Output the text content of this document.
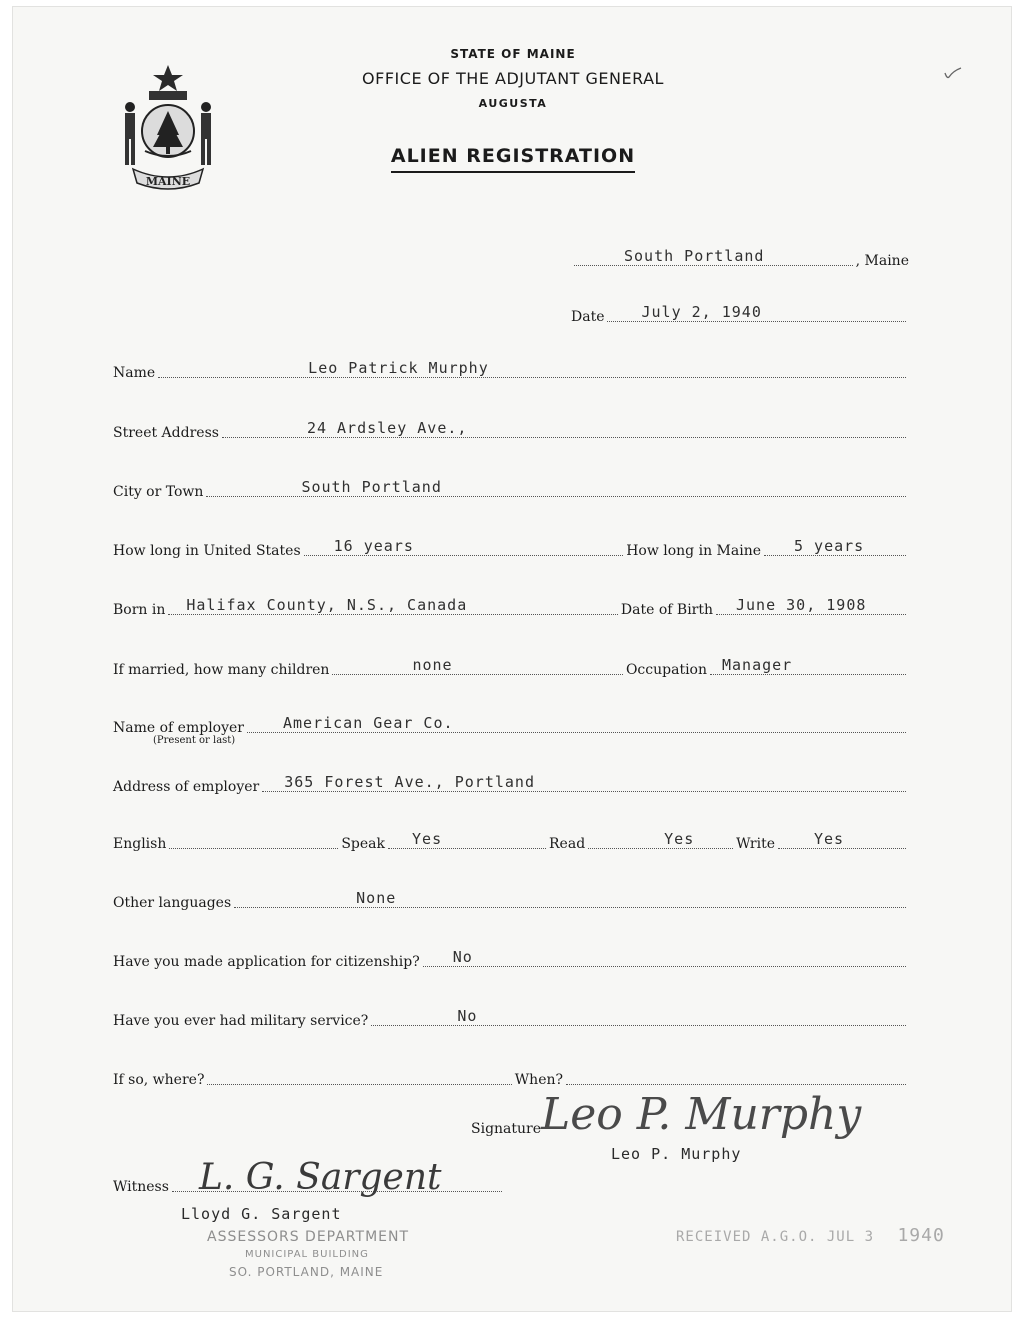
MAINE
STATE OF MAINE
OFFICE OF THE ADJUTANT GENERAL
AUGUSTA
ALIEN REGISTRATION
South Portland	, Maine
Date July 2, 1940
Name	Leo Patrick Murphy
Street Address	24 Ardsley Ave.,
City or Town	South Portland
How long in United States 16 years	How long in Maine 5 years
Born in Halifax County, N.S., Canada	Date of Birth June 30, 1908
If married, how many children	none	Occupation Manager
Name of employer	American Gear Co.
(Present or last)
Address of employer 365 Forest Ave., Portland
English	Speak Yes	Read	Yes	Write	Yes
Other languages	None
Have you made application for citizenship? No
Have you ever had military service?	No
If so, where?	When?
Signature Leo P. Murphy
Leo P. Murphy
Witness L. G. Sargent
Lloyd G. Sargent
ASSESSORS DEPARTMENT
MUNICIPAL BUILDING
SO. PORTLAND, MAINE
RECEIVED A.G.O. JUL 3 1940
